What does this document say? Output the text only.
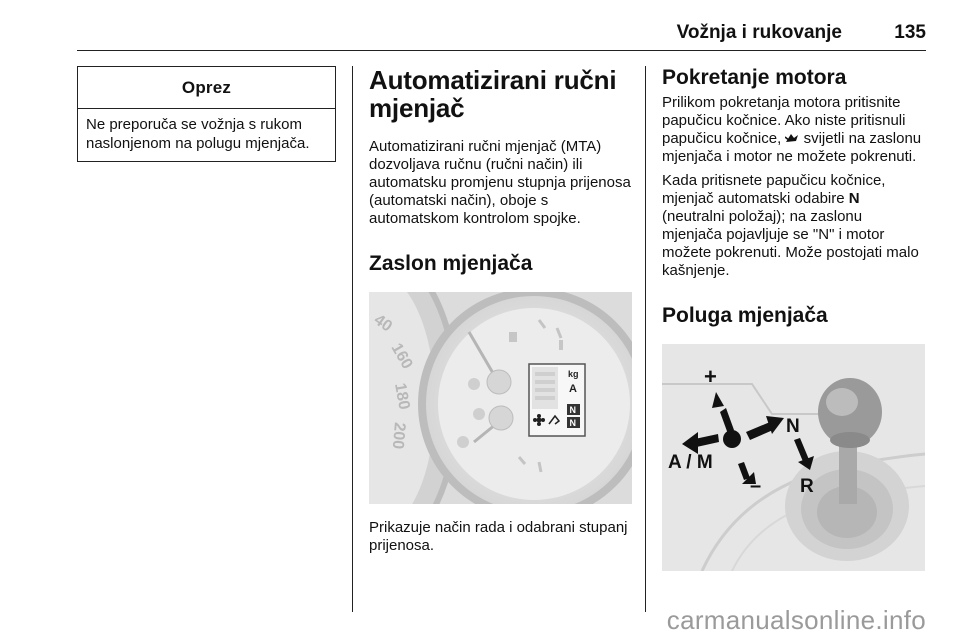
Vožnja i rukovanje	135
Oprez
Ne preporuča se vožnja s rukom naslonjenom na polugu mjenjača.
Automatizirani ručni mjenjač

Automatizirani ručni mjenjač (MTA) dozvoljava ručnu (ručni način) ili automatsku promjenu stupnja prijenosa (automatski način), oboje s automatskom kontrolom spojke.

Zaslon mjenjača
40
160
180
200
kg
A
N
N

Prikazuje način rada i odabrani stupanj prijenosa.

Pokretanje motora

Prilikom pokretanja motora pritisnite papučicu kočnice. Ako niste pritisnuli papučicu kočnice,  svijetli na zaslonu mjenjača i motor ne možete pokrenuti.

Kada pritisnete papučicu kočnice, mjenjač automatski odabire N (neutralni položaj); na zaslonu mjenjača pojavljuje se "N" i motor možete pokrenuti. Može postojati malo kašnjenje.

Poluga mjenjača
+
–
A / M
N
R
carmanualsonline.info
